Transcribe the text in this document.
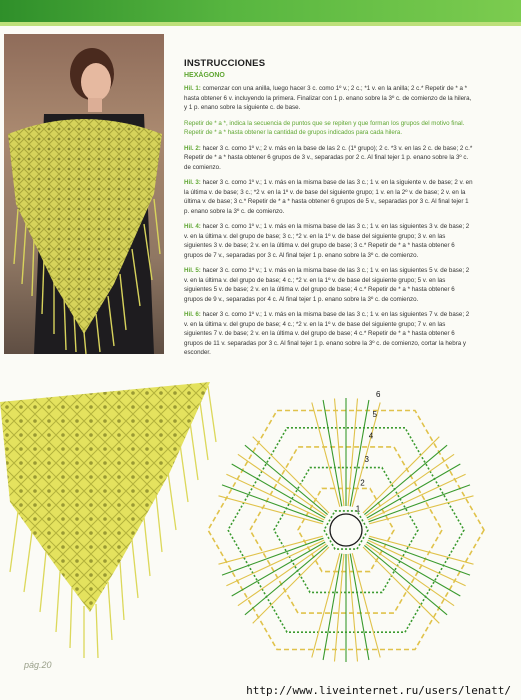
INSTRUCCIONES
HEXÁGONO

Hil. 1: comenzar con una anilla, luego hacer 3 c. como 1º v.; 2 c.; *1 v. en la anilla; 2 c.* Repetir de * a * hasta obtener 6 v. incluyendo la primera. Finalizar con 1 p. enano sobre la 3º c. de comienzo de la hilera, y 1 p. enano sobre la siguiente c. de base.

Repetir de * a *, indica la secuencia de puntos que se repiten y que forman los grupos del motivo final. Repetir de * a * hasta obtener la cantidad de grupos indicados para cada hilera.

Hil. 2: hacer 3 c. como 1º v.; 2 v. más en la base de las 2 c. (1º grupo); 2 c. *3 v. en las 2 c. de base; 2 c.* Repetir de * a * hasta obtener 6 grupos de 3 v., separadas por 2 c. Al final tejer 1 p. enano sobre la 3º c. de comienzo.

Hil. 3: hacer 3 c. como 1º v.; 1 v. más en la misma base de las 3 c.; 1 v. en la siguiente v. de base; 2 v. en la última v. de base; 3 c.; *2 v. en la 1º v. de base del siguiente grupo; 1 v. en la 2º v. de base; 2 v. en la última v. de base; 3 c.* Repetir de * a * hasta obtener 6 grupos de 5 v., separadas por 3 c. Al final tejer 1 p. enano sobre la 3º c. de comienzo.

Hil. 4: hacer 3 c. como 1º v.; 1 v. más en la misma base de las 3 c.; 1 v. en las siguientes 3 v. de base; 2 v. en la última v. del grupo de base; 3 c.; *2 v. en la 1º v. de base del siguiente grupo; 3 v. en las siguientes 3 v. de base; 2 v. en la última v. del grupo de base; 3 c.* Repetir de * a * hasta obtener 6 grupos de 7 v., separadas por 3 c. Al final tejer 1 p. enano sobre la 3º c. de comienzo.

Hil. 5: hacer 3 c. como 1º v.; 1 v. más en la misma base de las 3 c.; 1 v. en las siguientes 5 v. de base; 2 v. en la última v. del grupo de base; 4 c.; *2 v. en la 1º v. de base del siguiente grupo; 5 v. en las siguientes 5 v. de base; 2 v. en la última v. del grupo de base; 4 c.* Repetir de * a * hasta obtener 6 grupos de 9 v., separadas por 4 c. Al final tejer 1 p. enano sobre la 3º c. de comienzo.

Hil. 6: hacer 3 c. como 1º v.; 1 v. más en la misma base de las 3 c.; 1 v. en las siguientes 7 v. de base; 2 v. en la última v. del grupo de base; 4 c.; *2 v. en la 1º v. de base del siguiente grupo; 7 v. en las siguientes 7 v. de base; 2 v. en la última v. del grupo de base; 4 c.* Repetir de * a * hasta obtener 6 grupos de 11 v. separadas por 3 c. Al final tejer 1 p. enano sobre la 3º c. de comienzo, cortar la hebra y esconder.

1
2
3
4
5
6
pág.20
http://www.liveinternet.ru/users/lenatt/
